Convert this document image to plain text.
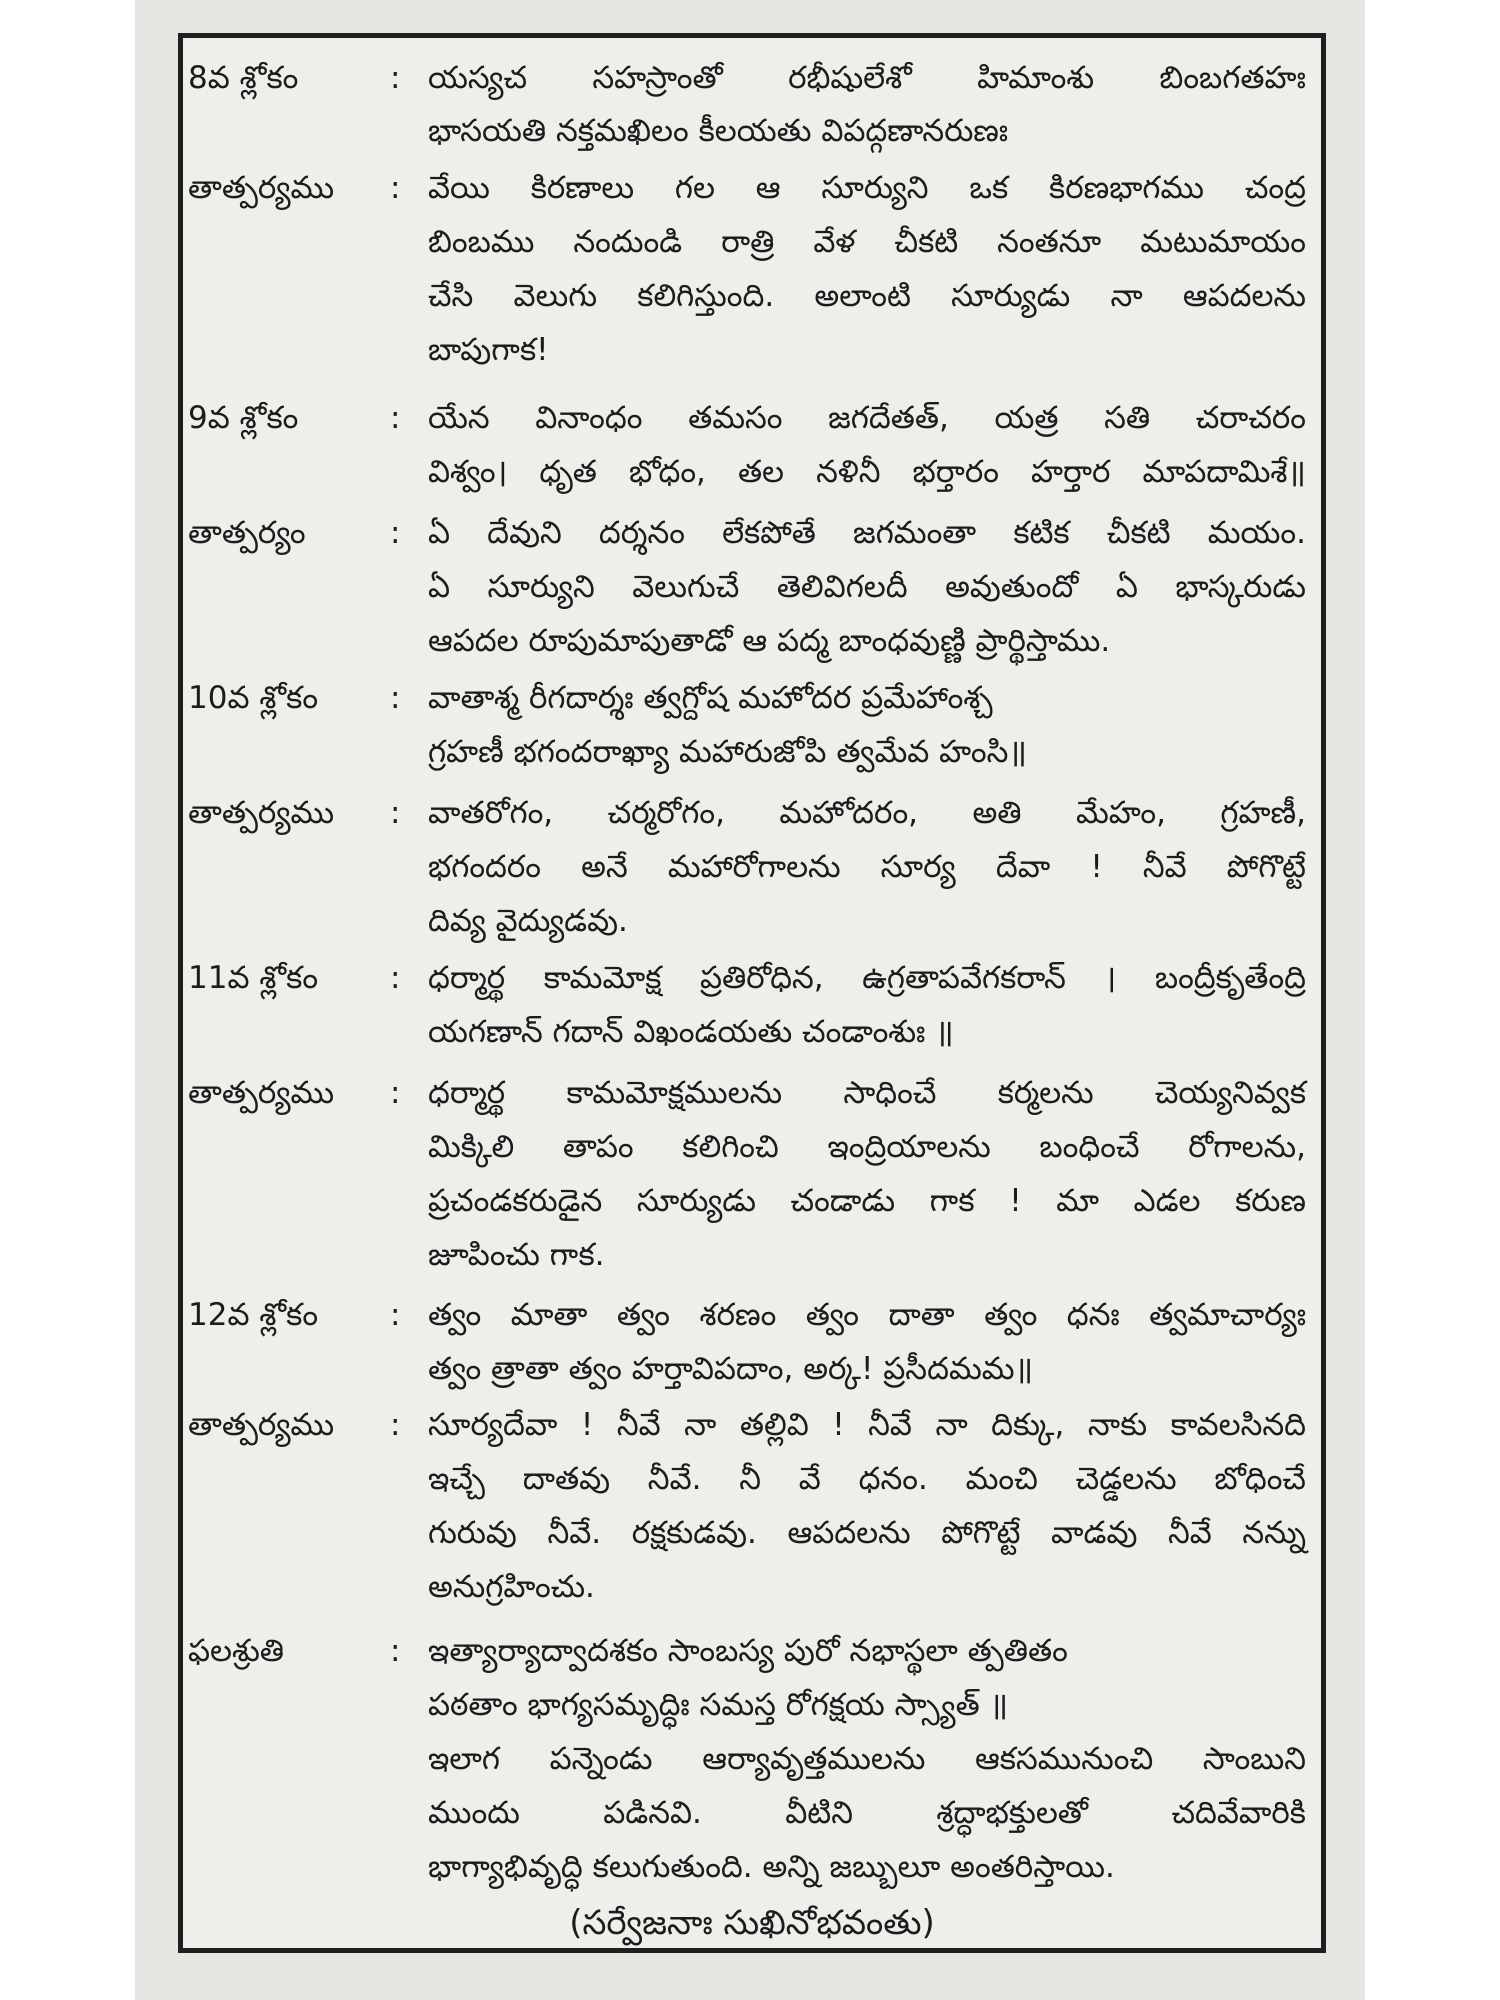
8వ శ్లోకం	: యస్యచ సహస్రాంతో రభీషులేశో హిమాంశు బింబగతహః
భాసయతి నక్తమఖిలం కీలయతు విపద్గణానరుణః
తాత్పర్యము	: వేయి కిరణాలు గల ఆ సూర్యుని ఒక కిరణభాగము చంద్ర
బింబము నందుండి రాత్రి వేళ చీకటి నంతనూ మటుమాయం
చేసి వెలుగు కలిగిస్తుంది. అలాంటి సూర్యుడు నా ఆపదలను
బాపుగాక!
9వ శ్లోకం	: యేన వినాంధం తమసం జగదేతత్, యత్ర సతి చరాచరం
విశ్వం। ధృత భోధం, తల నళినీ భర్తారం హర్తార మాపదామిశే॥
తాత్పర్యం	: ఏ దేవుని దర్శనం లేకపోతే జగమంతా కటిక చీకటి మయం.
ఏ సూర్యుని వెలుగుచే తెలివిగలదీ అవుతుందో ఏ భాస్కరుడు
ఆపదల రూపుమాపుతాడో ఆ పద్మ బాంధవుణ్ణి ప్రార్థిస్తాము.
10వ శ్లోకం	: వాతాశ్మ రీగదార్శః త్వగ్దోష మహోదర ప్రమేహాంశ్చ
గ్రహణీ భగందరాఖ్యా మహారుజోపి త్వమేవ హంసి॥
తాత్పర్యము	: వాతరోగం, చర్మరోగం, మహోదరం, అతి మేహం, గ్రహణీ,
భగందరం అనే మహారోగాలను సూర్య దేవా ! నీవే పోగొట్టే
దివ్య వైద్యుడవు.
11వ శ్లోకం	: ధర్మార్థ కామమోక్ష ప్రతిరోధిన, ఉగ్రతాపవేగకరాన్ । బంద్రీకృతేంద్రి
యగణాన్ గదాన్ విఖండయతు చండాంశుః ॥
తాత్పర్యము	: ధర్మార్థ కామమోక్షములను సాధించే కర్మలను చెయ్యనివ్వక
మిక్కిలి తాపం కలిగించి ఇంద్రియాలను బంధించే రోగాలను,
ప్రచండకరుడైన సూర్యుడు చండాడు గాక ! మా ఎడల కరుణ
జూపించు గాక.
12వ శ్లోకం	: త్వం మాతా త్వం శరణం త్వం దాతా త్వం ధనః త్వమాచార్యః
త్వం త్రాతా త్వం హర్తావిపదాం, అర్క! ప్రసీదమమ॥
తాత్పర్యము	: సూర్యదేవా ! నీవే నా తల్లివి ! నీవే నా దిక్కు, నాకు కావలసినది
ఇచ్చే దాతవు నీవే. నీ వే ధనం. మంచి చెడ్డలను బోధించే
గురువు నీవే. రక్షకుడవు. ఆపదలను పోగొట్టే వాడవు నీవే నన్ను
అనుగ్రహించు.
ఫలశ్రుతి	: ఇత్యార్యాద్వాదశకం సాంబస్య పురో నభాస్థలా త్పతితం
పఠతాం భాగ్యసమృద్ధిః సమస్త రోగక్షయ స్స్యాత్ ॥
ఇలాగ పన్నెండు ఆర్యావృత్తములను ఆకసమునుంచి సాంబుని
ముందు పడినవి. వీటిని శ్రద్ధాభక్తులతో చదివేవారికి
భాగ్యాభివృద్ధి కలుగుతుంది. అన్ని జబ్బులూ అంతరిస్తాయి.
(సర్వేజనాః సుఖినోభవంతు)
